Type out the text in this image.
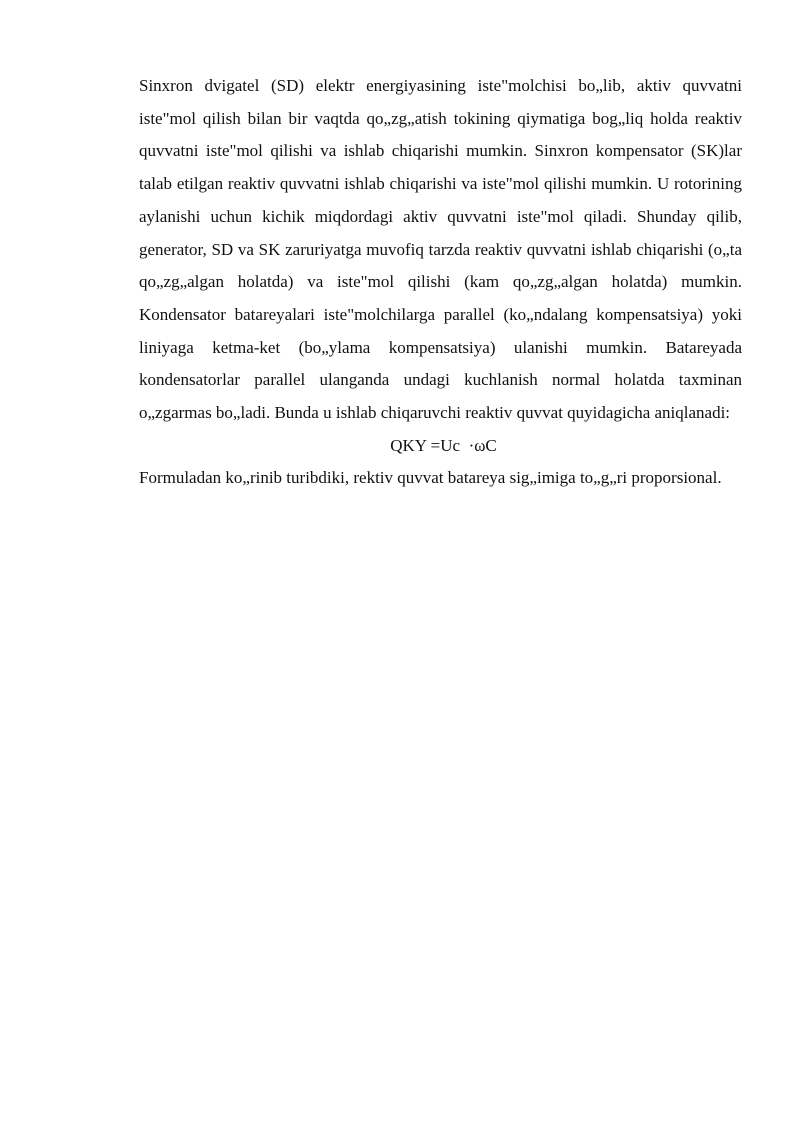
Sinxron dvigatel (SD) elektr energiyasining iste"molchisi bo„lib, aktiv quvvatni iste"mol qilish bilan bir vaqtda qo„zg„atish tokining qiymatiga bog„liq holda reaktiv quvvatni iste"mol qilishi va ishlab chiqarishi mumkin. Sinxron kompensator (SK)lar talab etilgan reaktiv quvvatni ishlab chiqarishi va iste"mol qilishi mumkin. U rotorining aylanishi uchun kichik miqdordagi aktiv quvvatni iste"mol qiladi. Shunday qilib, generator, SD va SK zaruriyatga muvofiq tarzda reaktiv quvvatni ishlab chiqarishi (o„ta qo„zg„algan holatda) va iste"mol qilishi (kam qo„zg„algan holatda) mumkin. Kondensator batareyalari iste"molchilarga parallel (ko„ndalang kompensatsiya) yoki liniyaga ketma-ket (bo„ylama kompensatsiya) ulanishi mumkin. Batareyada kondensatorlar parallel ulanganda undagi kuchlanish normal holatda taxminan o„zgarmas bo„ladi. Bunda u ishlab chiqaruvchi reaktiv quvvat quyidagicha aniqlanadi:

QKY =Uc  ·ωC

Formuladan ko„rinib turibdiki, rektiv quvvat batareya sig„imiga to„g„ri proporsional.
